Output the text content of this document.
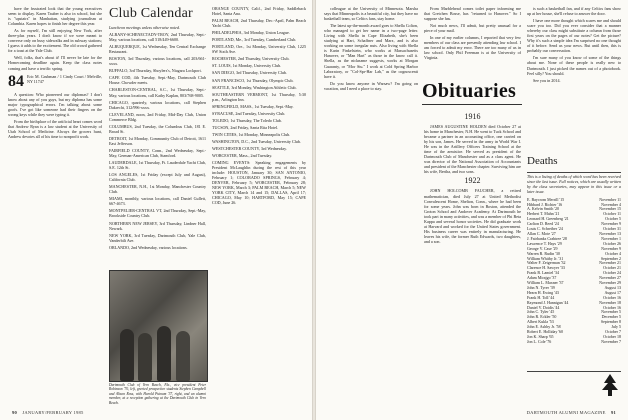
have the frustrated look that the young executives seem to display. Karen Tauber is also in school, but she is "upstairs" in Manhattan, studying journalism at Columbia. Karen hopes to finish her degree this year.

As for myself, I'm still enjoying New York, after three-plus years. I don't know if we were meant to converse only on busy sidewalks and in subway stations; I guess it adds to the excitement. The old crowd gathered for a toast at the Yale Club.

Well, folks, that's about it! I'll never be late for the Homecoming deadline again. Keep the class notes coming and have a terrific spring.

84 Eric M. Grubman / 1 Cindy Court / Melville, NY 11747

A question: Who pioneered our diplomas? I don't know about any of you guys, but my diploma has some major typographical errors. I'm talking about some goofs. I've got like someone had their fingers on the wrong keys while they were typing it.

From the birthplace of the artificial heart comes word that Andrew Ryan is a law student at the University of Utah School of Medicine. Always the grocers hunt, Andrew devotes all of his time to nonprofit work.

Club Calendar

Luncheon meetings unless otherwise noted.

ALBANY-SCHENECTADY-TROY, 2nd Thursday, Sept.-May, various locations, call 518/449-6600.

ALBUQUERQUE, 1st Wednesday, Ten Central Exchange Restaurant.

BOSTON, 3rd Thursday, various locations, call 203/661-xxxx.

BUFFALO, 3rd Thursday, Shoylers's, Niagara Lockport.

CAPE COD, 4th Tuesday, Sept.-May, Dartmouth Club House. Chowder meets.

CHARLESTON-CENTRAL, S.C., 1st Thursday, Sept.-May, various locations, call Kathy Kaplan, 803/768-9005.

CHICAGO, quarterly, various locations, call Stephen Dakrecht, 312/996-xxxx.

CLEVELAND, noon, 2nd Friday, Mid-Day Club, Union Commerce Bldg.

COLUMBUS, 2nd Tuesday, the Columbus Club, 181 E. Broad St.

DETROIT, 1st Monday, Community Club of Detroit, 1611 East Jefferson.

FAIRFIELD COUNTY, Conn., 2nd Wednesday, Sept.-May, German-American Club, Stamford.

LAUDERDALE, 1st Thursday, Ft. Lauderdale Yacht Club, S.E. 12th St.

LOS ANGELES, 1st Friday (except July and August), California Club.

MANCHESTER, N.H., 1st Monday, Manchester Country Club.

MIAMI, monthly, various locations, call Daniel Gullett, 667-4673.

MONTPELIER-CENTRAL VT, 2nd Thursday, Sept.-May, Brookside Country Club.

NORTHERN NEW JERSEY, 3rd Thursday, Lindner Hall, Newark.

NEW YORK, 3rd Tuesday, Dartmouth Club, Yale Club, Vanderbilt Ave.

ORLANDO, 2nd Wednesday, various locations.

Dartmouth Club of Vero Beach, Fla., vice president Peter Robinson '70, left, greeted prospective students Stephen Campbell and Alison Ross, with Harold Putnam '37, right, and an alumni member, at a reception gathering at the Dartmouth Club in Vero Beach.

ORANGE COUNTY, Calif., 2nd Friday, Saddleback Hotel, Santa Ana.

PALM BEACH, 2nd Thursday, Dec.-April, Palm Beach Yacht Club.

PHILADELPHIA, 3rd Monday, Union League.

PORTLAND, Me., 3rd Tuesday, Cumberland Club.

PORTLAND, Ore., 1st Monday, University Club, 1225 SW Sixth Ave.

ROCHESTER, 2nd Thursday, University Club.

ST. LOUIS, 1st Monday, University Club.

SAN DIEGO, 3rd Thursday, University Club.

SAN FRANCISCO, 1st Thursday, Olympic Club.

SEATTLE, 3rd Monday, Washington Athletic Club.

SOUTHEASTERN VERMONT, 1st Thursday, 5:30 p.m., Arlington Inn.

SPRINGFIELD, MASS., 1st Tuesday, Sept.-May.

SYRACUSE, 2nd Tuesday, University Club.

TOLEDO, 1st Thursday, The Toledo Club.

TUCSON, 2nd Friday, Santa Rita Hotel.

TWIN CITIES, 1st Monday, Minneapolis Club.

WASHINGTON, D.C., 2nd Tuesday, University Club.

WESTCHESTER COUNTY, 3rd Wednesday.

WORCESTER, Mass., 2nd Tuesday.

COMING EVENTS: Speaking engagements by President McLaughlin during the rest of this year include: HOUSTON, January 30; SAN ANTONIO, February 1; COLORADO SPRINGS, February 4; DENVER, February 5; WORCESTER, February 28; NEW YORK, March 3; PALM BEACH, March 5; NEW YORK CITY, March 14 and 15; DALLAS, April 17; CHICAGO, May 10; HARTFORD, May 15; CAPE COD, June 26.

90 JANUARY/FEBRUARY 1985

colleague at the University of Minnesota. Marsha says that Minneapolis is a beautiful city, but they have no basketball team, so Celtics fans, stay home.

The latest up-the-month award goes to Shella Colton, who managed to get her name in a two-page letter. Living with Shella in Cape Elizabeth, she's been studying at Hart, Schaffner and Marx, and is also working on some irregular nuts. Also living with Shella is Karin Finkelstein, who works at Massachusetts Hanover, or "Man Hart" as those in the know call it. Shella, as the nickname suggests, works at Morgan Guaranty, or "Mor Stu." I work at Cold Spring Harbor Laboratory, or "Col-Spr-Har Lab," as the cognoscenti have it.

Do you know anyone in Warsaw? I'm going on vacation, and I need a place to stay.

From Marblehead comes toilet paper informing me that Gretchen Bosse, has "returned to Hanover." So I suppose she has.

Not much news, I'll admit, but pretty unusual for a piece of your mail.

In one of my earlier columns, I reported that very few members of our class are presently attending law school. I am forced to admit my error. There are too many of us in law school. Only Phil Freeman is at the University of Virginia.

Obituaries

1916

JAMES AUGUSTINE HOLDEN died October 27 at his home in Manchester, N.H. He went to Tuck School and became a partner in an accounting office, one carried on by his son, James. He served in the army in World War I. He was in the Artillery Officers Training School at the time of the armistice. He served as president of the Dartmouth Club of Manchester and as a class agent. He was director of the National Association of Accountants and president of the Manchester chapter. Surviving him are his wife, Bertha, and two sons.

1922

JOHN HOLCOMB FAUCHER, a retired mathematician, died July 27 at United Methodist Convalescent Home, Shelton, Conn., where he had been for some years. John was born in Boston, attended the Groton School and Andover Academy. At Dartmouth he took part in many activities, and was a member of Phi Beta Kappa and several honor societies. He did graduate work at Harvard and worked for the United States government. His business career was entirely in manufacturing. He leaves his wife, the former Ruth Edwards, two daughters, and a son.

is such a basketball fan, and if any Celtics fans show up at her house, she'll refuse to answer the door.

I have one more thought which scares me and should scare you too. Did you ever consider that a manner whereby our class might substitute a column from those first years on the pages of our notes? Get the picture? Why it's such a simple idea I'm surprised no one thought of it before. Send us your news. But until then, this is probably our conversation.

I'm sure many of you know of some of the things about me. None of these people is really new to Dartmouth. I just picked the names out of a photobook. Feel silly? You should.

See you in 2014.

Deaths
This is a listing of deaths of which word has been received since the last issue. Full notices, which are usually written by the class secretaries, may appear in this issue or a later issue.
E. Baycrom Merrill '15	November 11
Hibbard J. Richter '16	November 4
A. Kelvin Smith '20	November 15
Herbert T. Mahn '21	October 11
Leonard H. Greenberg '21	October 5
Carlton D. Reed '24	November 9
Louis C. Schreiber '24	October 31
Allan C. Mote '27	November 13
J. Fairbanks Crabtree '28	November 1
Lawrence T. Hays '29	October 26
George V. Case '29	November 9
Warren R. Rudin '30	October 4
William Whitby Jr. '31	September 2
Walter F. Zeigerman '32	November 21
Clarence H. Sawyer '33	October 21
Frank B. Lamiel '34	October 24
Adam Mirajgo '37	November 27
William L. Maxner '37	November 29
John N. Tyrer '39	August 13
Hearn H. Ewing '43	August 17
Frank H. Toll '44	October 16
Raymond J. Hannigan '44	November 18
Daniel V. Doidis '44	October 16
John C. Tyler '45	November 5
John R. Eckler '50	December 5
Albert Kukla '53	September 8
John E. Ashby Jr. '58	July 5
Robert E. Holliday '60	October 7
Jon K. Sharp '65	October 18
Jon L. Cole '76	November 7
DARTMOUTH ALUMNI MAGAZINE 91
